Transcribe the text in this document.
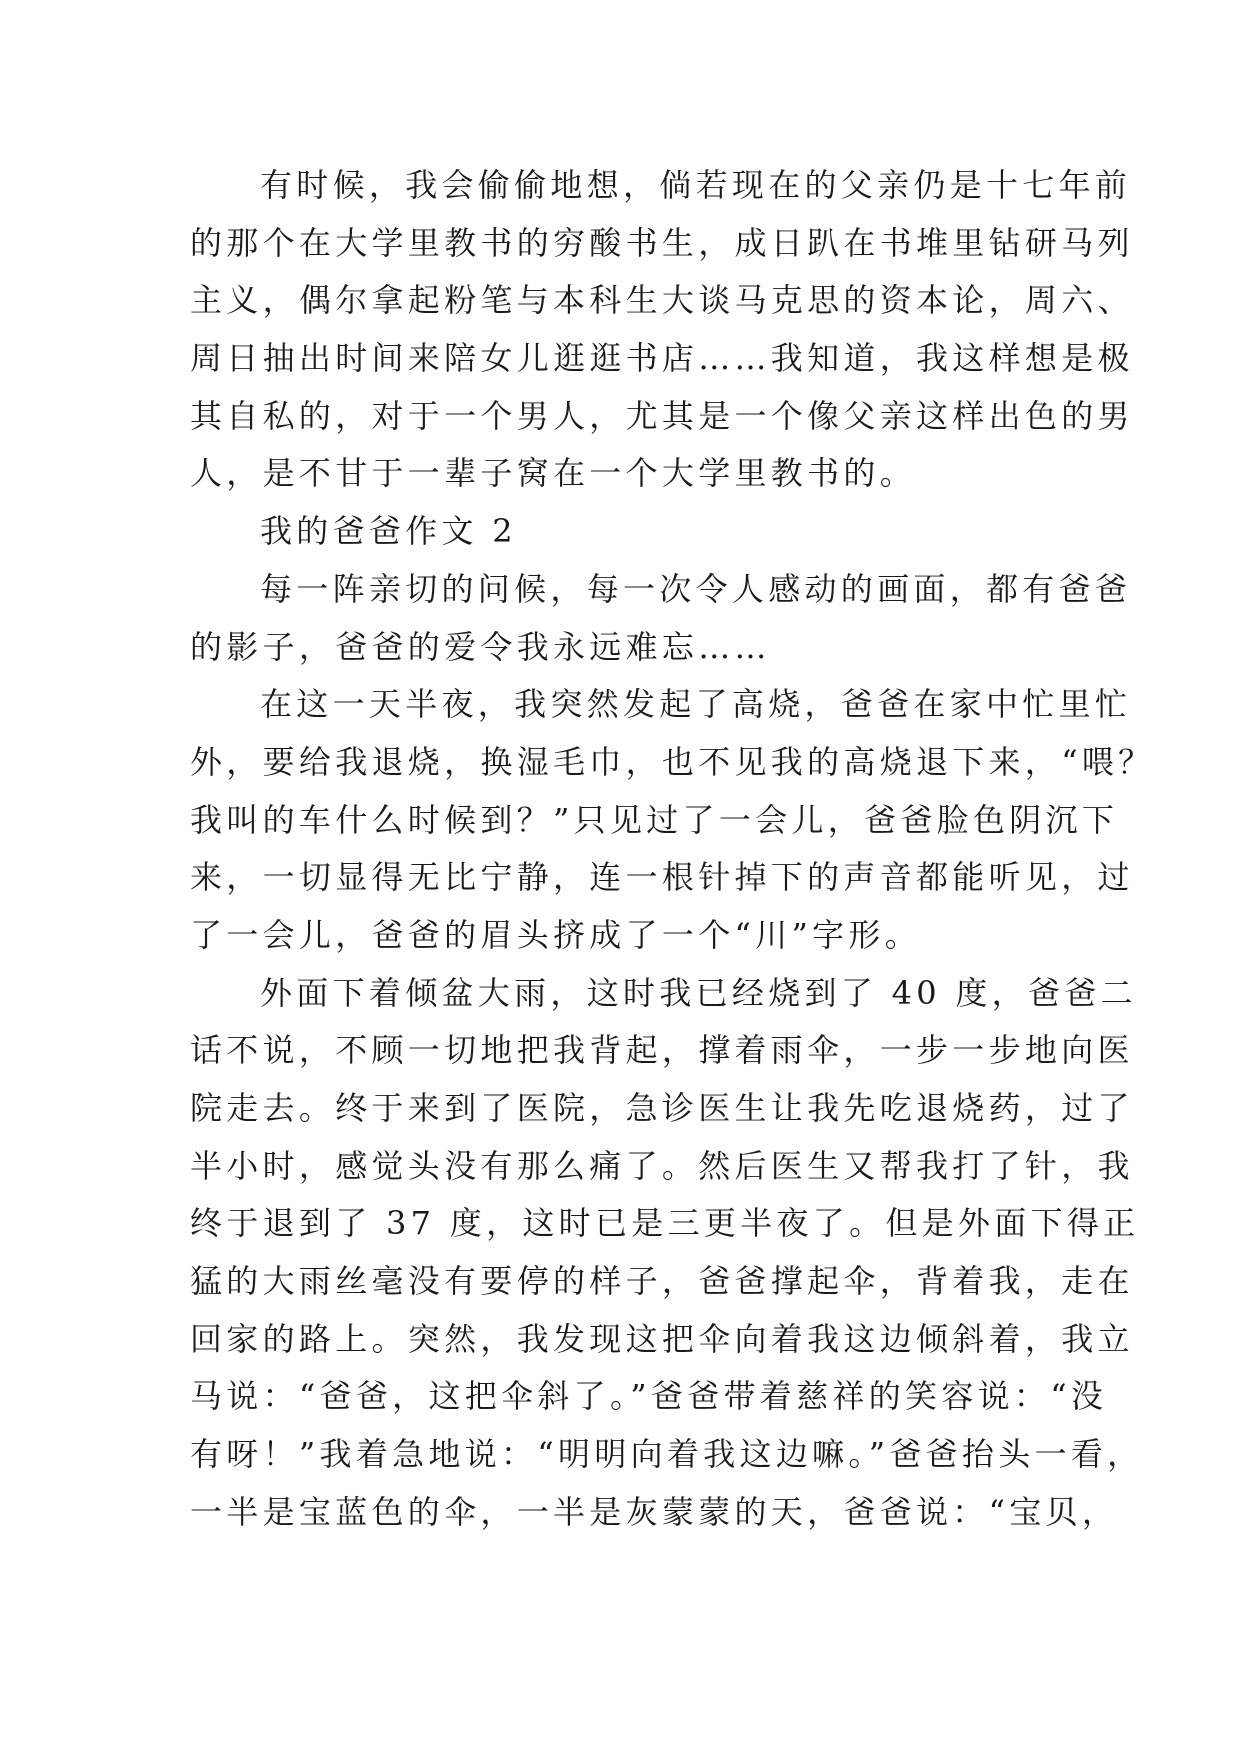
有时候，我会偷偷地想，倘若现在的父亲仍是十七年前
的那个在大学里教书的穷酸书生，成日趴在书堆里钻研马列
主义，偶尔拿起粉笔与本科生大谈马克思的资本论，周六、
周日抽出时间来陪女儿逛逛书店……我知道，我这样想是极
其自私的，对于一个男人，尤其是一个像父亲这样出色的男
人，是不甘于一辈子窝在一个大学里教书的。
我的爸爸作文 2
每一阵亲切的问候，每一次令人感动的画面，都有爸爸
的影子，爸爸的爱令我永远难忘……
在这一天半夜，我突然发起了高烧，爸爸在家中忙里忙
外，要给我退烧，换湿毛巾，也不见我的高烧退下来，“喂？
我叫的车什么时候到？”只见过了一会儿，爸爸脸色阴沉下
来，一切显得无比宁静，连一根针掉下的声音都能听见，过
了一会儿，爸爸的眉头挤成了一个“川”字形。
外面下着倾盆大雨，这时我已经烧到了 40 度，爸爸二
话不说，不顾一切地把我背起，撑着雨伞，一步一步地向医
院走去。终于来到了医院，急诊医生让我先吃退烧药，过了
半小时，感觉头没有那么痛了。然后医生又帮我打了针，我
终于退到了 37 度，这时已是三更半夜了。但是外面下得正
猛的大雨丝毫没有要停的样子，爸爸撑起伞，背着我，走在
回家的路上。突然，我发现这把伞向着我这边倾斜着，我立
马说：“爸爸，这把伞斜了。”爸爸带着慈祥的笑容说：“没
有呀！”我着急地说：“明明向着我这边嘛。”爸爸抬头一看，
一半是宝蓝色的伞，一半是灰蒙蒙的天，爸爸说：“宝贝，
